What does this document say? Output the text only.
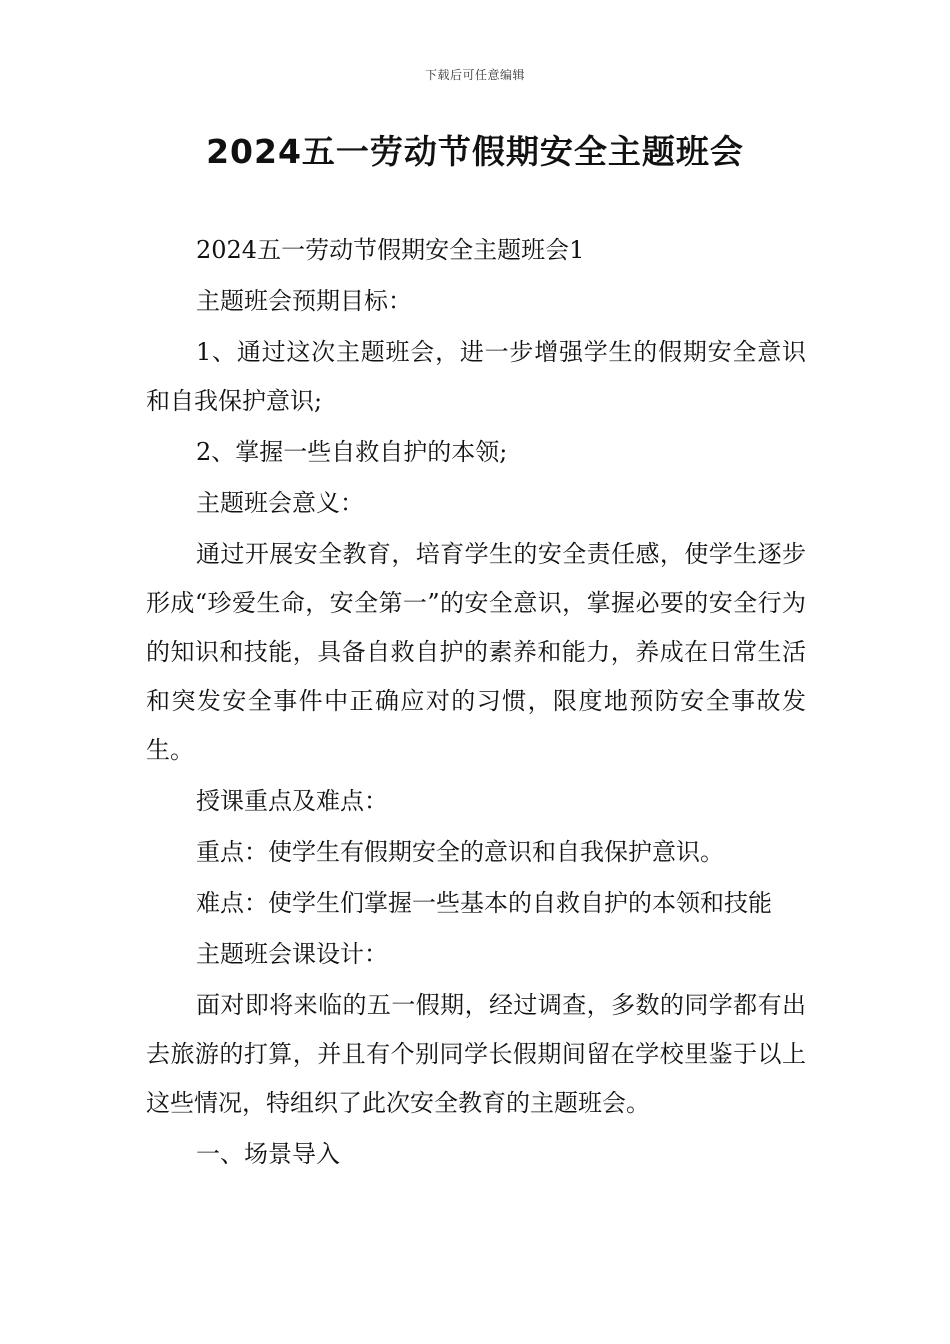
下载后可任意编辑
2024五一劳动节假期安全主题班会

2024五一劳动节假期安全主题班会1

主题班会预期目标：

1、通过这次主题班会，进一步增强学生的假期安全意识和自我保护意识;

2、掌握一些自救自护的本领;

主题班会意义：

通过开展安全教育，培育学生的安全责任感，使学生逐步形成“珍爱生命，安全第一”的安全意识，掌握必要的安全行为的知识和技能，具备自救自护的素养和能力，养成在日常生活和突发安全事件中正确应对的习惯，限度地预防安全事故发生。

授课重点及难点：

重点：使学生有假期安全的意识和自我保护意识。

难点：使学生们掌握一些基本的自救自护的本领和技能

主题班会课设计：

面对即将来临的五一假期，经过调查，多数的同学都有出去旅游的打算，并且有个别同学长假期间留在学校里鉴于以上这些情况，特组织了此次安全教育的主题班会。

一、场景导入
